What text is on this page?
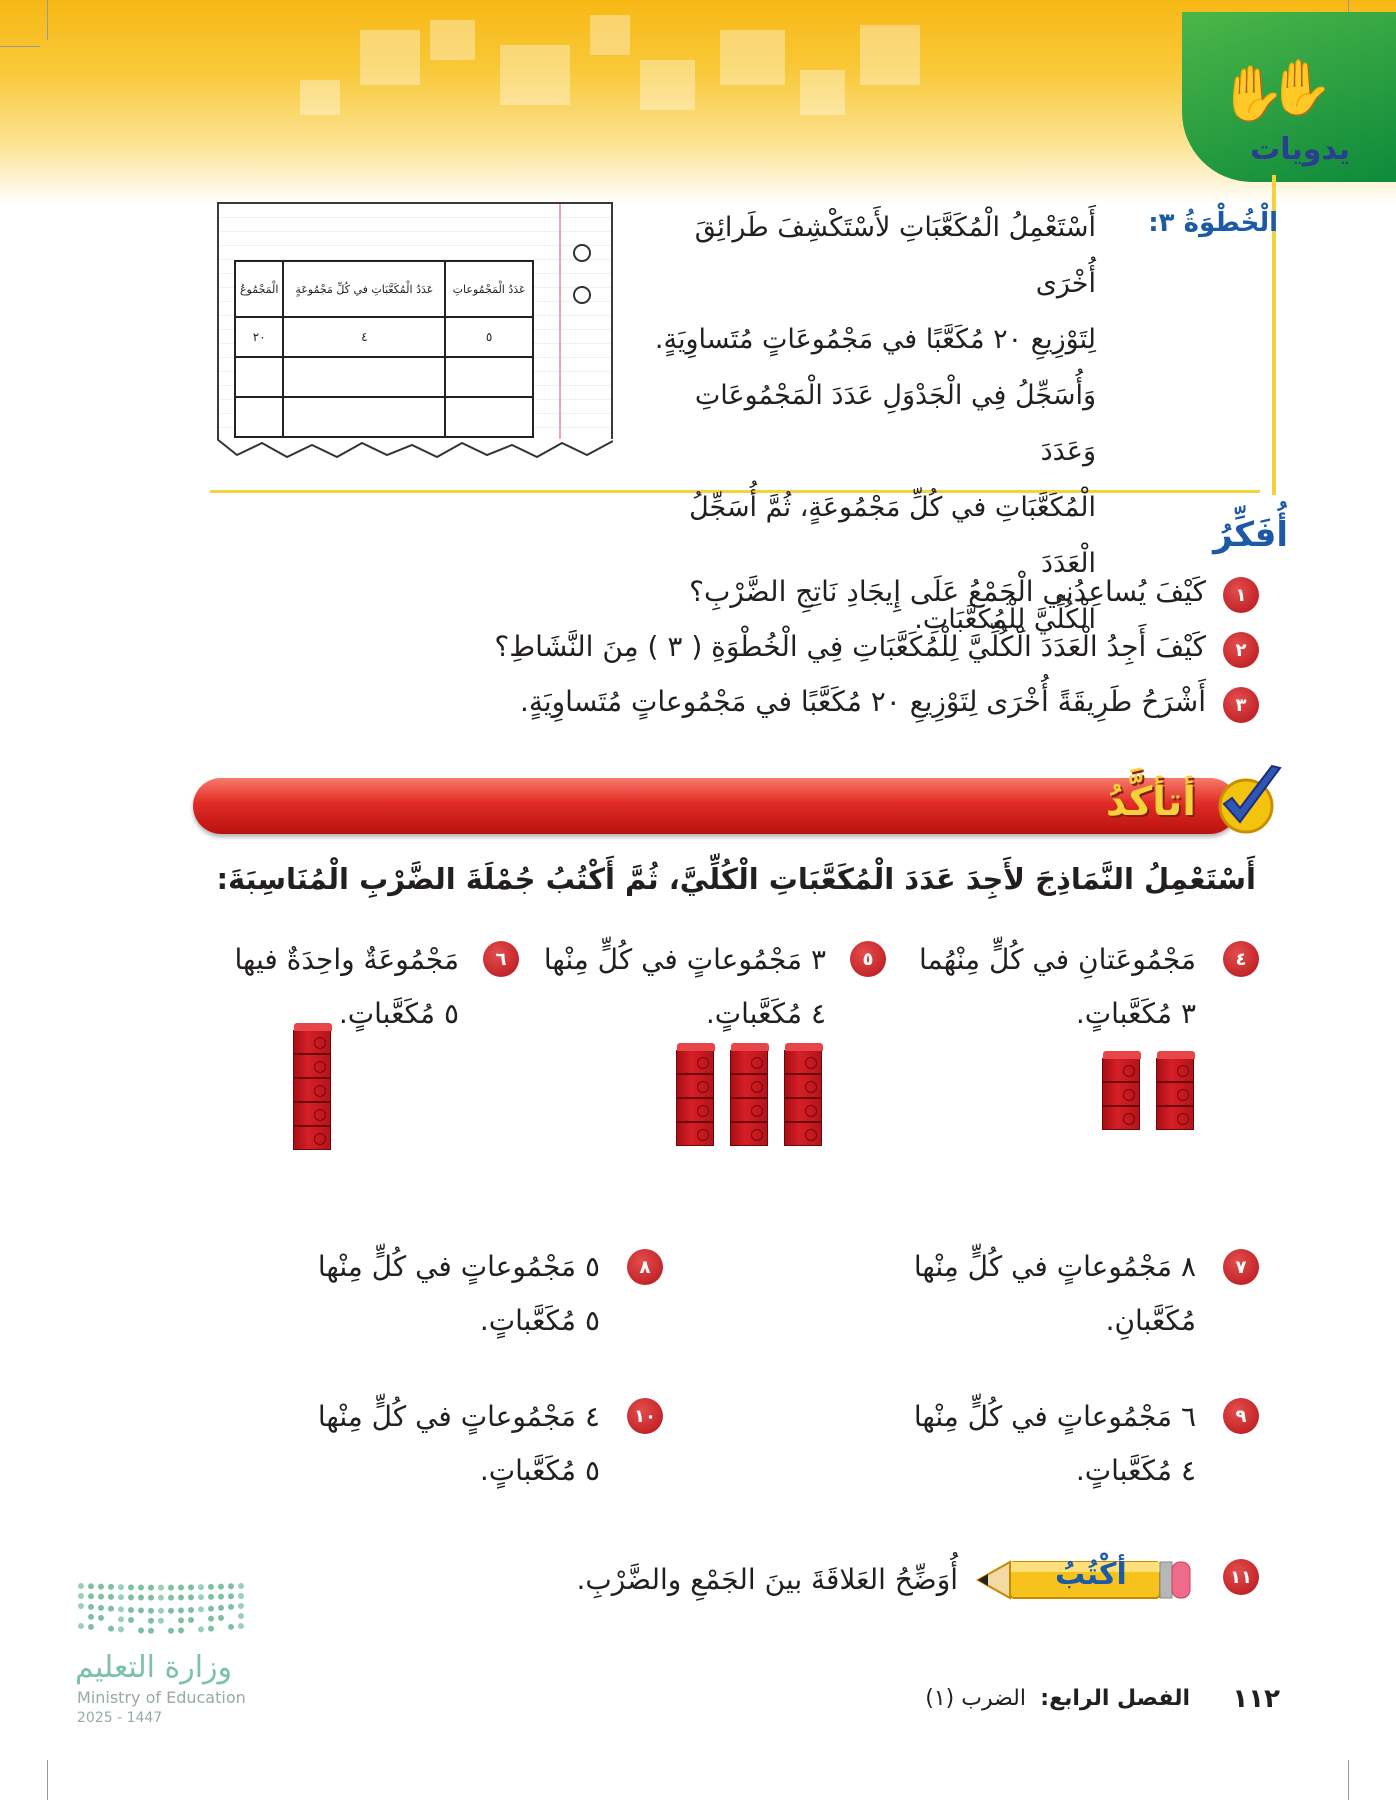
✋
✋
يدويات
الْخُطْوَةُ ٣:
أَسْتَعْمِلُ الْمُكَعَّبَاتِ لأَسْتَكْشِفَ طَرائِقَ أُخْرَى
لِتَوْزِيعِ ٢٠ مُكَعَّبًا في مَجْمُوعَاتٍ مُتَساوِيَةٍ.
وَأُسَجِّلُ فِي الْجَدْوَلِ عَدَدَ الْمَجْمُوعَاتِ وَعَدَدَ
الْمُكَعَّبَاتِ في كُلِّ مَجْمُوعَةٍ، ثُمَّ أُسَجِّلُ الْعَدَدَ
الْكُلِّيَّ لِلْمُكَعَّبَاتِ.
عَدَدُ الْمَجْمُوعاتِ	عَدَدُ الْمُكَعَّبَاتِ في كُلِّ مَجْمُوعَةٍ	الْمَجْمُوعُ
٥	٤	٢٠

أُفَكِّرُ
١
كَيْفَ يُساعِدُني الْجَمْعُ عَلَى إِيجَادِ نَاتِجِ الضَّرْبِ؟
٢
كَيْفَ أَجِدُ الْعَدَدَ الْكُلِّيَّ لِلْمُكَعَّبَاتِ فِي الْخُطْوَةِ ( ٣ ) مِنَ النَّشَاطِ؟
٣
أَشْرَحُ طَرِيقَةً أُخْرَى لِتَوْزِيعِ ٢٠ مُكَعَّبًا في مَجْمُوعاتٍ مُتَساوِيَةٍ.
أتأكَّدُ
أَسْتَعْمِلُ النَّمَاذِجَ لأَجِدَ عَدَدَ الْمُكَعَّبَاتِ الْكُلِّيَّ، ثُمَّ أَكْتُبُ جُمْلَةَ الضَّرْبِ الْمُنَاسِبَةَ:
٤
مَجْمُوعَتانِ في كُلٍّ مِنْهُما
٣ مُكَعَّباتٍ.
٥
٣ مَجْمُوعاتٍ في كُلٍّ مِنْها
٤ مُكَعَّباتٍ.
٦
مَجْمُوعَةٌ واحِدَةٌ فيها
٥ مُكَعَّباتٍ.
٧
٨ مَجْمُوعاتٍ في كُلٍّ مِنْها
مُكَعَّبانِ.
٨
٥ مَجْمُوعاتٍ في كُلٍّ مِنْها
٥ مُكَعَّباتٍ.
٩
٦ مَجْمُوعاتٍ في كُلٍّ مِنْها
٤ مُكَعَّباتٍ.
١٠
٤ مَجْمُوعاتٍ في كُلٍّ مِنْها
٥ مُكَعَّباتٍ.
١١
أكْتُبُ
أُوَضِّحُ العَلاقَةَ بينَ الجَمْعِ والضَّرْبِ.
وزارة التعليم
Ministry of Education
2025 - 1447
١١٢
الفصل الرابع:
الضرب (١)
